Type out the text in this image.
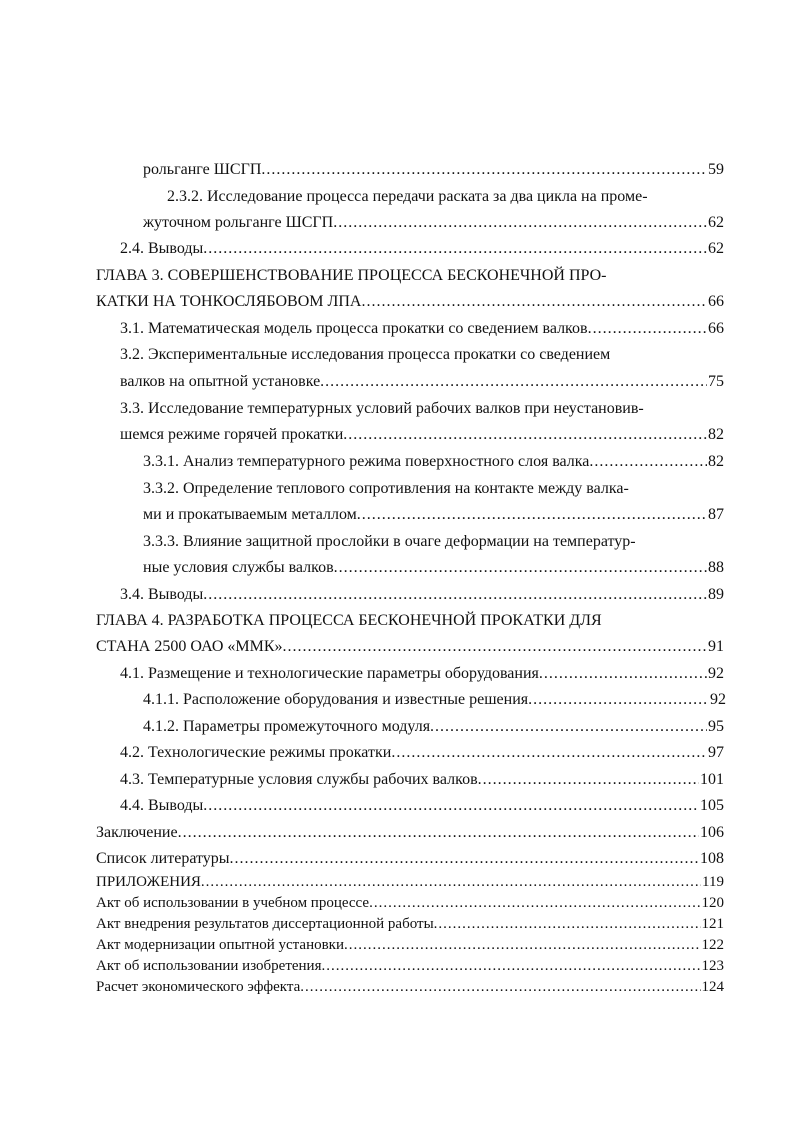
рольганге ШСГП .....	59
2.3.2. Исследование процесса передачи раската за два цикла на проме-
жуточном рольганге ШСГП .....	62
2.4. Выводы .....	62
ГЛАВА 3. СОВЕРШЕНСТВОВАНИЕ ПРОЦЕССА БЕСКОНЕЧНОЙ ПРО-
КАТКИ НА ТОНКОСЛЯБОВОМ ЛПА .....	66
3.1. Математическая модель процесса прокатки со сведением валков .....	66
3.2. Экспериментальные исследования процесса прокатки со сведением
валков на опытной установке .....	75
3.3. Исследование температурных условий рабочих валков при неустановив-
шемся режиме горячей прокатки .....	82
3.3.1. Анализ температурного режима поверхностного слоя валка .....	82
3.3.2. Определение теплового сопротивления на контакте между валка-
ми и прокатываемым металлом .....	87
3.3.3. Влияние защитной прослойки в очаге деформации на температур-
ные условия службы валков .....	88
3.4. Выводы .....	89
ГЛАВА 4. РАЗРАБОТКА ПРОЦЕССА БЕСКОНЕЧНОЙ ПРОКАТКИ ДЛЯ
СТАНА 2500 ОАО «ММК» .....	91
4.1. Размещение и технологические параметры оборудования .....	92
4.1.1. Расположение оборудования и известные решения .....	92
4.1.2. Параметры промежуточного модуля .....	95
4.2. Технологические режимы прокатки .....	97
4.3. Температурные условия службы рабочих валков .....	101
4.4. Выводы .....	105
Заключение .....	106
Список литературы .....	108
ПРИЛОЖЕНИЯ .....	119
Акт об использовании в учебном процессе .....	120
Акт внедрения результатов диссертационной работы .....	121
Акт модернизации опытной установки .....	122
Акт об использовании изобретения .....	123
Расчет экономического эффекта .....	124
